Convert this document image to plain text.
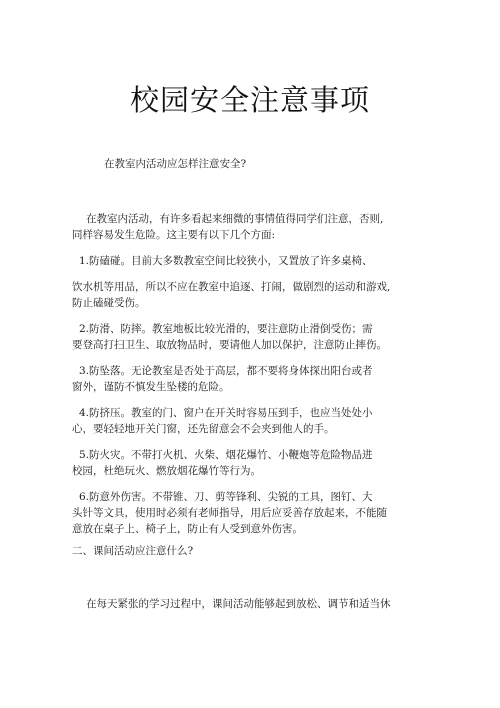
校园安全注意事项
在教室内活动应怎样注意安全?
在教室内活动，有许多看起来细微的事情值得同学们注意，否则,
同样容易发生危险。这主要有以下几个方面:
1.防磕碰。目前大多数教室空间比较狭小，又置放了许多桌椅、
饮水机等用品，所以不应在教室中追逐、打闹，做剧烈的运动和游戏,
防止磕碰受伤。
2.防滑、防摔。教室地板比较光滑的，要注意防止滑倒受伤；需
要登高打扫卫生、取放物品时，要请他人加以保护，注意防止摔伤。
3.防坠落。无论教室是否处于高层，都不要将身体探出阳台或者
窗外，谨防不慎发生坠楼的危险。
4.防挤压。教室的门、窗户在开关时容易压到手，也应当处处小
心，要轻轻地开关门窗，还先留意会不会夹到他人的手。
5.防火灾。不带打火机、火柴、烟花爆竹、小鞭炮等危险物品进
校园，杜绝玩火、燃放烟花爆竹等行为。
6.防意外伤害。不带锥、刀、剪等锋利、尖锐的工具，图钉、大
头针等文具，使用时必须有老师指导，用后应妥善存放起来，不能随
意放在桌子上、椅子上，防止有人受到意外伤害。
二、课间活动应注意什么?
在每天紧张的学习过程中，课间活动能够起到放松、调节和适当休
